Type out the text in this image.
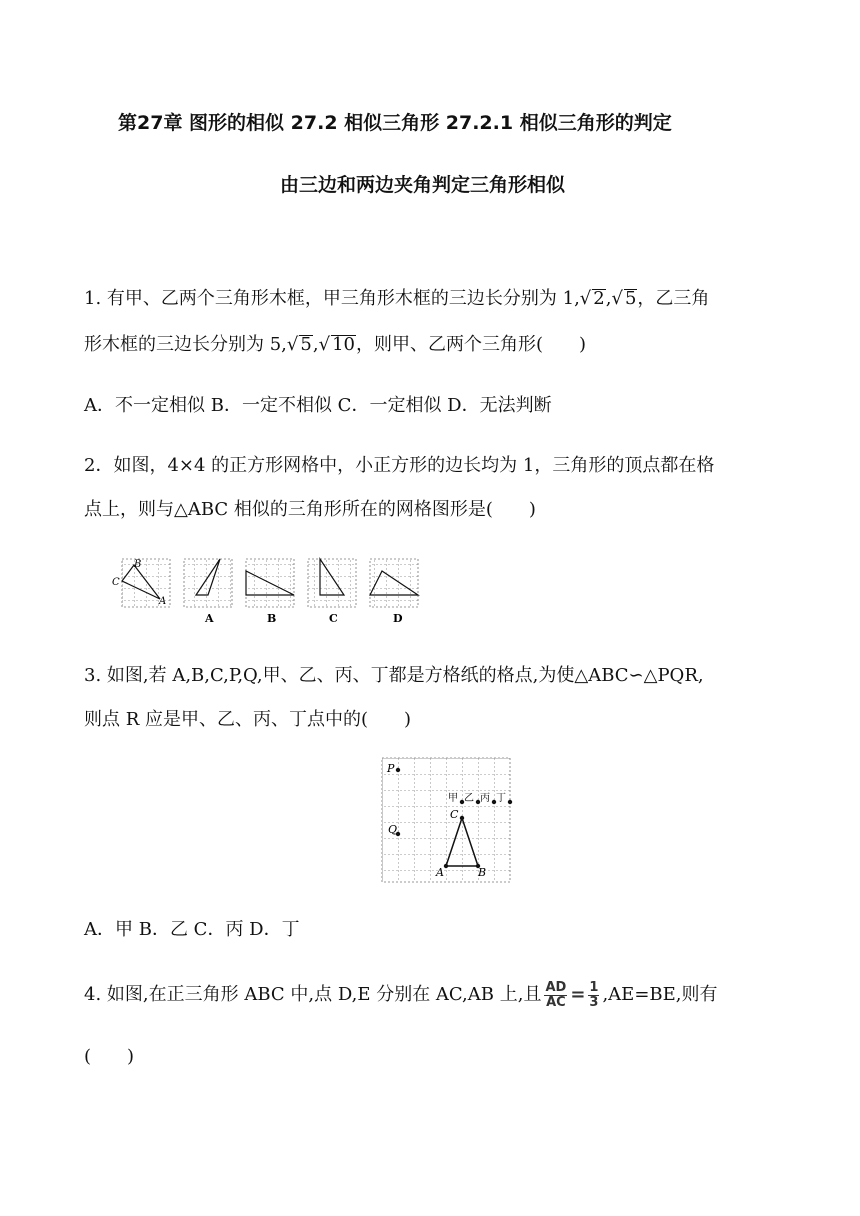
第27章 图形的相似 27.2 相似三角形 27.2.1 相似三角形的判定
由三边和两边夹角判定三角形相似
1. 有甲、乙两个三角形木框，甲三角形木框的三边长分别为 1,√ 2,√ 5，乙三角
形木框的三边长分别为 5,√ 5,√ 10，则甲、乙两个三角形(　　)
A．不一定相似 B．一定不相似 C．一定相似 D．无法判断
2．如图，4×4 的正方形网格中，小正方形的边长均为 1，三角形的顶点都在格
点上，则与△ABC 相似的三角形所在的网格图形是(　　)
B
C
A
A	B	C	D
3. 如图,若 A,B,C,P,Q,甲、乙、丙、丁都是方格纸的格点,为使△ABC∽△PQR,
则点 R 应是甲、乙、丙、丁点中的(　　)
P
Q
C
A	B
甲 乙 丙 丁
A．甲 B．乙 C．丙 D．丁
4. 如图,在正三角形 ABC 中,点 D,E 分别在 AC,AB 上,且 $\frac{AD}{AC} = \frac{1}{3} ,AE=BE$,则有
(　　)
